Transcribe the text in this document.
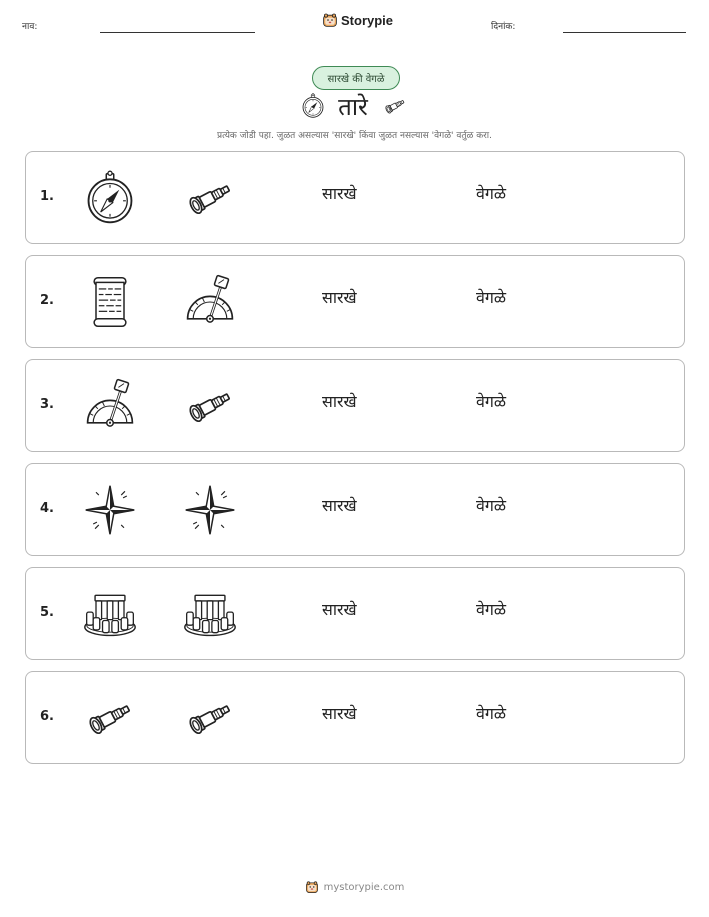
नाव:	Storypie	दिनांक:
सारखे की वेगळे
तारे
प्रत्येक जोडी पहा. जुळत असल्यास 'सारखे' किंवा जुळत नसल्यास 'वेगळे' वर्तुळ करा.
1.	सारखे	वेगळे
2.	सारखे	वेगळे
3.	सारखे	वेगळे
4.	सारखे	वेगळे
5.	सारखे	वेगळे
6.	सारखे	वेगळे
mystorypie.com
